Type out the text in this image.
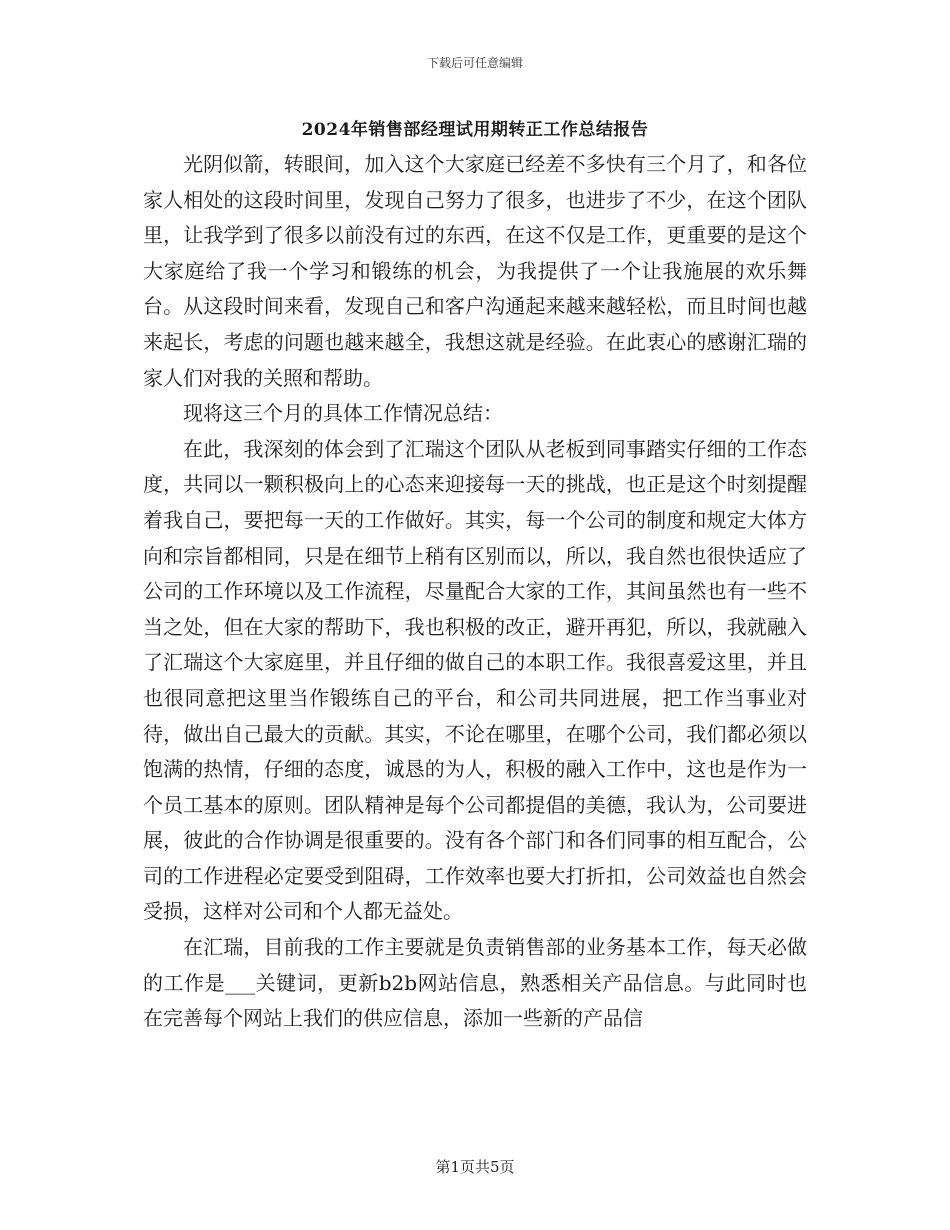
下载后可任意编辑
2024年销售部经理试用期转正工作总结报告

光阴似箭，转眼间，加入这个大家庭已经差不多快有三个月了，和各位家人相处的这段时间里，发现自己努力了很多，也进步了不少，在这个团队里，让我学到了很多以前没有过的东西，在这不仅是工作，更重要的是这个大家庭给了我一个学习和锻练的机会，为我提供了一个让我施展的欢乐舞台。从这段时间来看，发现自己和客户沟通起来越来越轻松，而且时间也越来起长，考虑的问题也越来越全，我想这就是经验。在此衷心的感谢汇瑞的家人们对我的关照和帮助。

现将这三个月的具体工作情况总结：

在此，我深刻的体会到了汇瑞这个团队从老板到同事踏实仔细的工作态度，共同以一颗积极向上的心态来迎接每一天的挑战，也正是这个时刻提醒着我自己，要把每一天的工作做好。其实，每一个公司的制度和规定大体方向和宗旨都相同，只是在细节上稍有区别而以，所以，我自然也很快适应了公司的工作环境以及工作流程，尽量配合大家的工作，其间虽然也有一些不当之处，但在大家的帮助下，我也积极的改正，避开再犯，所以，我就融入了汇瑞这个大家庭里，并且仔细的做自己的本职工作。我很喜爱这里，并且也很同意把这里当作锻练自己的平台，和公司共同进展，把工作当事业对待，做出自己最大的贡献。其实，不论在哪里，在哪个公司，我们都必须以饱满的热情，仔细的态度，诚恳的为人，积极的融入工作中，这也是作为一个员工基本的原则。团队精神是每个公司都提倡的美德，我认为，公司要进展，彼此的合作协调是很重要的。没有各个部门和各们同事的相互配合，公司的工作进程必定要受到阻碍，工作效率也要大打折扣，公司效益也自然会受损，这样对公司和个人都无益处。

在汇瑞，目前我的工作主要就是负责销售部的业务基本工作，每天必做的工作是___关键词，更新b2b网站信息，熟悉相关产品信息。与此同时也在完善每个网站上我们的供应信息，添加一些新的产品信

第1页共5页
